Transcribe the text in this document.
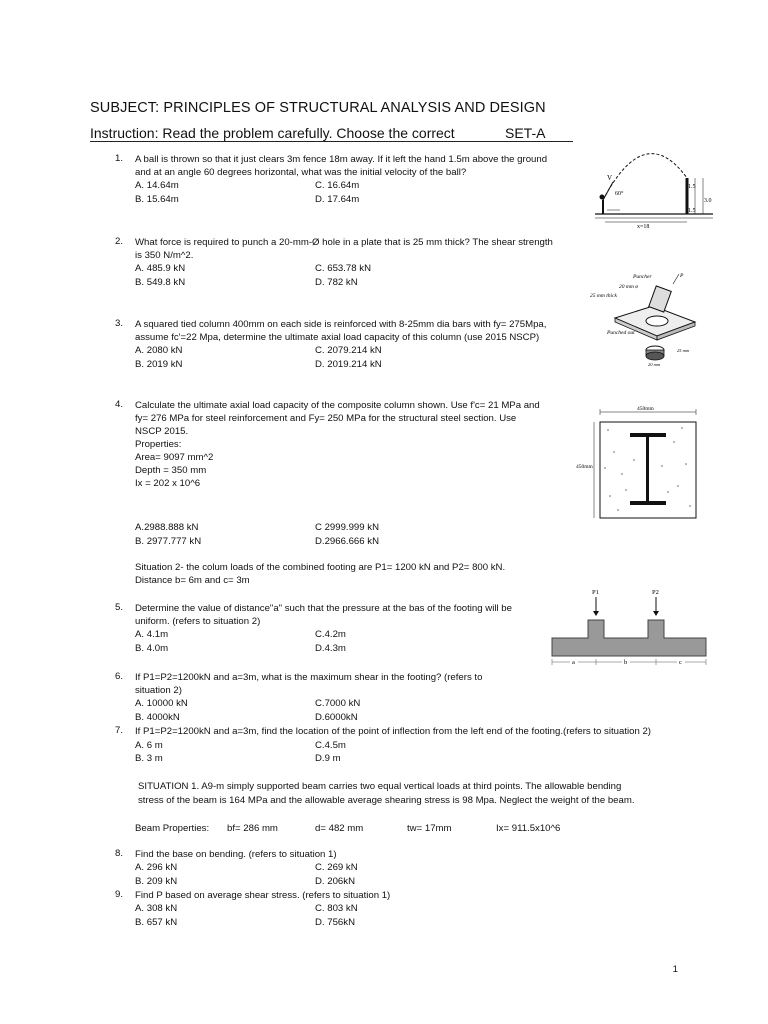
SUBJECT: PRINCIPLES OF STRUCTURAL ANALYSIS AND DESIGN
Instruction: Read the problem carefully. Choose the correct	SET-A
1. A ball is thrown so that it just clears 3m fence 18m away. If it left the hand 1.5m above the ground
and at an angle 60 degrees horizontal, what was the initial velocity of the ball?
A. 14.64m	C. 16.64m
B. 15.64m	D. 17.64m
V
60°
1.5
3.0
1.5
x=18
2. What force is required to punch a 20-mm-Ø hole in a plate that is 25 mm thick? The shear strength
is 350 N/m^2.
A. 485.9 kN	C. 653.78 kN
B. 549.8 kN	D. 782 kN	Puncher	P
20 mm ø
25 mm thick
Punched out
25 mm
20 mm
3. A squared tied column 400mm on each side is reinforced with 8-25mm dia bars with fy= 275Mpa,
assume fc'=22 Mpa, determine the ultimate axial load capacity of this column (use 2015 NSCP)
A. 2080 kN	C. 2079.214 kN
B. 2019 kN	D. 2019.214 kN
4. Calculate the ultimate axial load capacity of the composite column shown. Use f'c= 21 MPa and
fy= 276 MPa for steel reinforcement and Fy= 250 MPa for the structural steel section. Use
NSCP 2015.
Properties:
Area= 9097 mm^2
Depth = 350 mm
Ix = 202 x 10^6
A.2988.888 kN	C 2999.999 kN
B. 2977.777 kN	D.2966.666 kN
450mm
450mm
Situation 2- the colum loads of the combined footing are P1= 1200 kN and P2= 800 kN.
Distance b= 6m and c= 3m
5. Determine the value of distance"a" such that the pressure at the bas of the footing will be
uniform. (refers to situation 2)
A. 4.1m	C.4.2m
B. 4.0m	D.4.3m
P1	P2
a	b	c
6. If P1=P2=1200kN and a=3m, what is the maximum shear in the footing? (refers to
situation 2)
A. 10000 kN	C.7000 kN
B. 4000kN	D.6000kN
7. If P1=P2=1200kN and a=3m, find the location of the point of inflection from the left end of the footing.(refers to situation 2)
A. 6 m	C.4.5m
B. 3 m	D.9 m
SITUATION 1. A9-m simply supported beam carries two equal vertical loads at third points. The allowable bending
stress of the beam is 164 MPa and the allowable average shearing stress is 98 Mpa. Neglect the weight of the beam.
Beam Properties: bf= 286 mm	d= 482 mm	tw= 17mm	Ix= 911.5x10^6
8. Find the base on bending. (refers to situation 1)
A. 296 kN	C. 269 kN
B. 209 kN	D. 206kN
9. Find P based on average shear stress. (refers to situation 1)
A. 308 kN	C. 803 kN
B. 657 kN	D. 756kN
1
